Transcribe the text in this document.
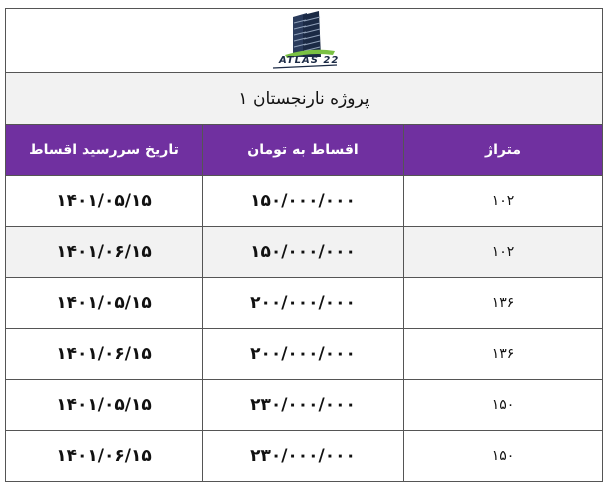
ATLAS 22		

پروژه نارنجستان ۱		
تاریخ سررسید اقساط	اقساط به تومان	متراژ
۱۴۰۱/۰۵/۱۵	۱۵۰/۰۰۰/۰۰۰	۱۰۲
۱۴۰۱/۰۶/۱۵	۱۵۰/۰۰۰/۰۰۰	۱۰۲
۱۴۰۱/۰۵/۱۵	۲۰۰/۰۰۰/۰۰۰	۱۳۶
۱۴۰۱/۰۶/۱۵	۲۰۰/۰۰۰/۰۰۰	۱۳۶
۱۴۰۱/۰۵/۱۵	۲۳۰/۰۰۰/۰۰۰	۱۵۰
۱۴۰۱/۰۶/۱۵	۲۳۰/۰۰۰/۰۰۰	۱۵۰
